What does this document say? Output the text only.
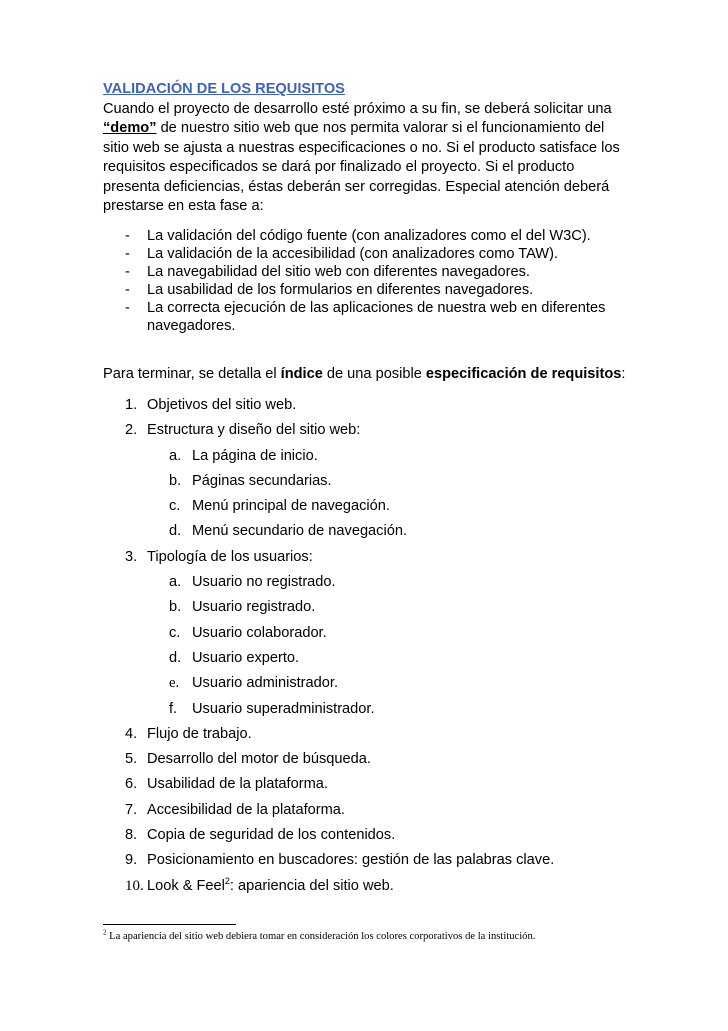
VALIDACIÓN DE LOS REQUISITOS
Cuando el proyecto de desarrollo esté próximo a su fin, se deberá solicitar una “demo” de nuestro sitio web que nos permita valorar si el funcionamiento del sitio web se ajusta a nuestras especificaciones o no. Si el producto satisface los requisitos especificados se dará por finalizado el proyecto. Si el producto presenta deficiencias, éstas deberán ser corregidas. Especial atención deberá prestarse en esta fase a:
- La validación del código fuente (con analizadores como el del W3C).
- La validación de la accesibilidad (con analizadores como TAW).
- La navegabilidad del sitio web con diferentes navegadores.
- La usabilidad de los formularios en diferentes navegadores.
- La correcta ejecución de las aplicaciones de nuestra web en diferentes navegadores.
Para terminar, se detalla el índice de una posible especificación de requisitos:
1. Objetivos del sitio web.
2. Estructura y diseño del sitio web:
a. La página de inicio.
b. Páginas secundarias.
c. Menú principal de navegación.
d. Menú secundario de navegación.
3. Tipología de los usuarios:
a. Usuario no registrado.
b. Usuario registrado.
c. Usuario colaborador.
d. Usuario experto.
e. Usuario administrador.
f. Usuario superadministrador.
4. Flujo de trabajo.
5. Desarrollo del motor de búsqueda.
6. Usabilidad de la plataforma.
7. Accesibilidad de la plataforma.
8. Copia de seguridad de los contenidos.
9. Posicionamiento en buscadores: gestión de las palabras clave.
10. Look & Feel$^2$: apariencia del sitio web.
$^2$ La apariencia del sitio web debiera tomar en consideración los colores corporativos de la institución.
